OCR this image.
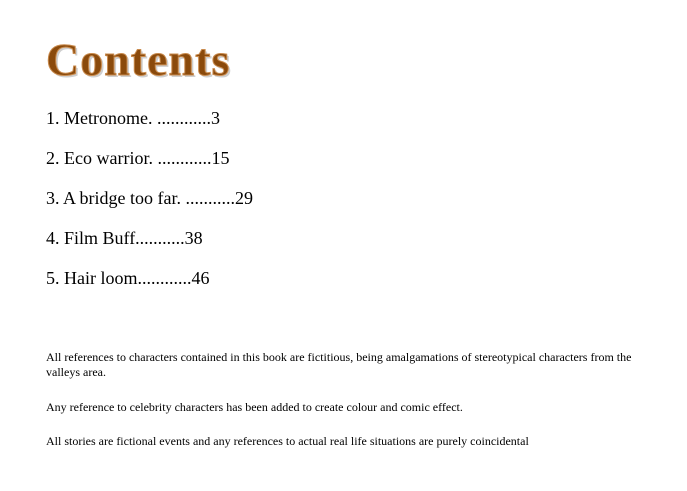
Contents
1. Metronome. ............3
2. Eco warrior. ............15
3. A bridge too far. ...........29
4. Film Buff...........38
5. Hair loom............46

All references to characters contained in this book are fictitious, being amalgamations of stereotypical characters from the valleys area.

Any reference to celebrity characters has been added to create colour and comic effect.

All stories are fictional events and any references to actual real life situations are purely coincidental
